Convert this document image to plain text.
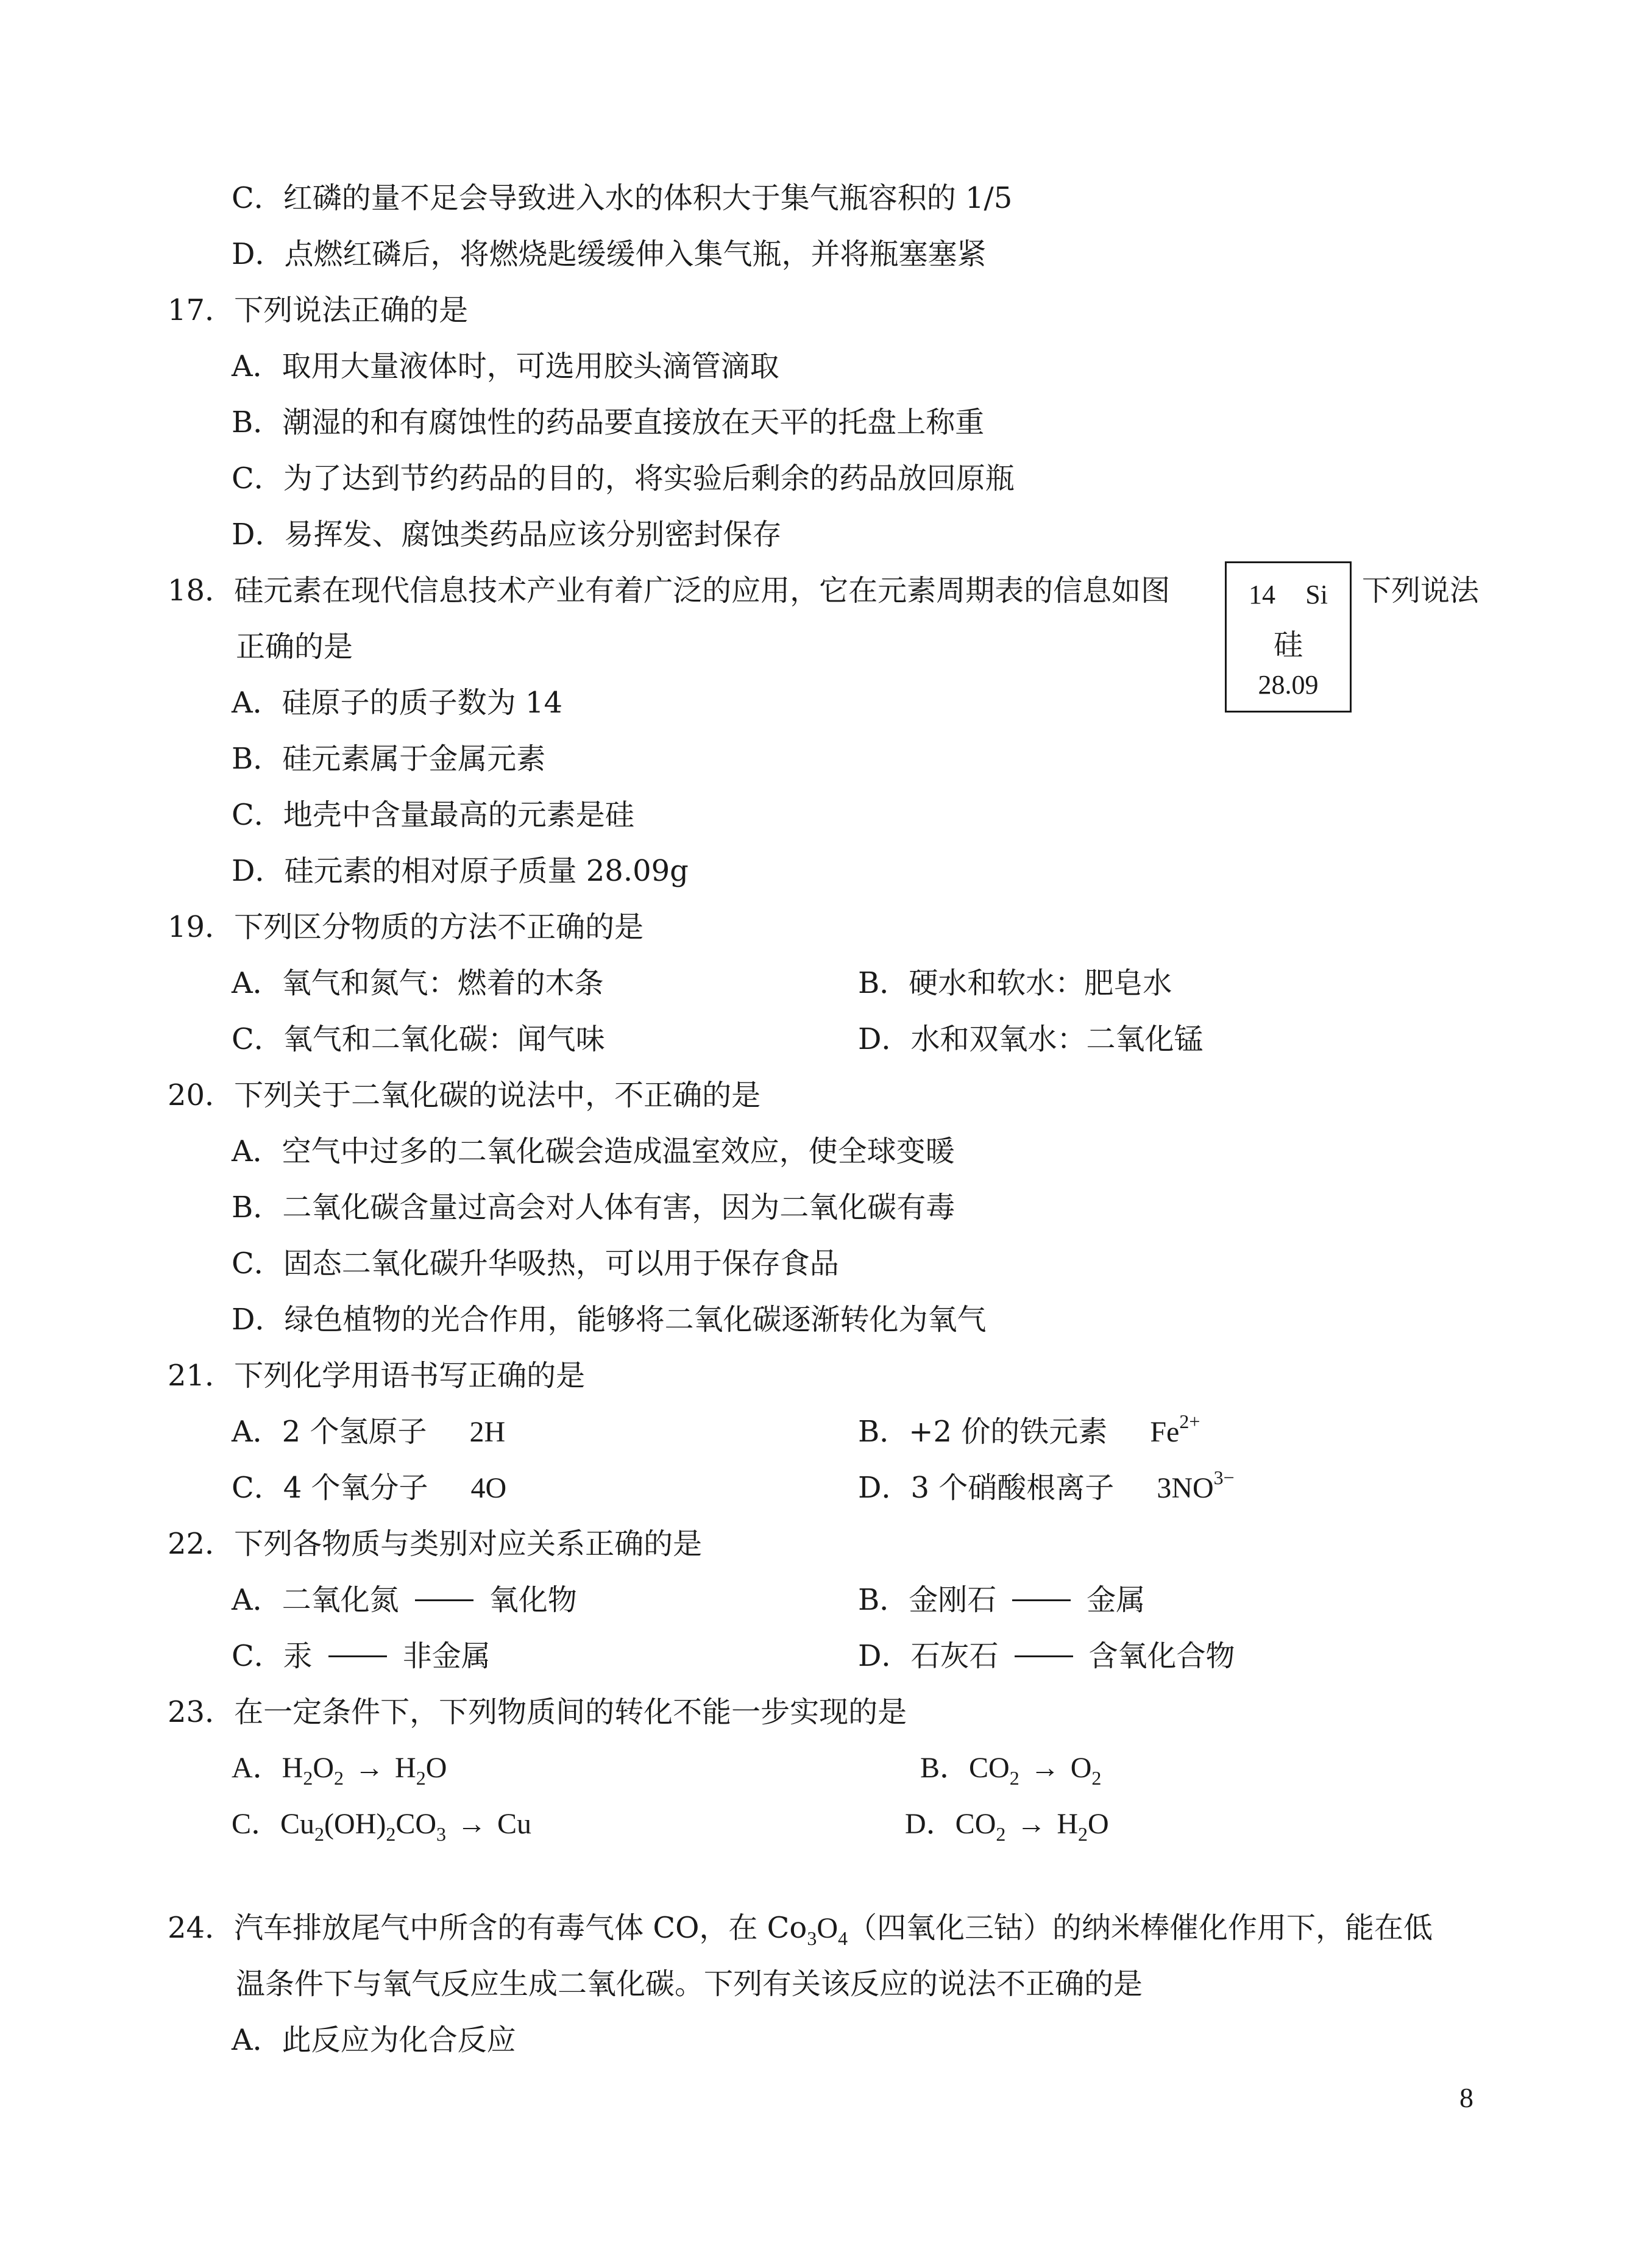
C．红磷的量不足会导致进入水的体积大于集气瓶容积的 1/5
D．点燃红磷后，将燃烧匙缓缓伸入集气瓶，并将瓶塞塞紧
17．下列说法正确的是
A．取用大量液体时，可选用胶头滴管滴取
B．潮湿的和有腐蚀性的药品要直接放在天平的托盘上称重
C．为了达到节约药品的目的，将实验后剩余的药品放回原瓶
D．易挥发、腐蚀类药品应该分别密封保存
18．硅元素在现代信息技术产业有着广泛的应用，它在元素周期表的信息如图	下列说法
正确的是
14 Si
硅
28.09
A．硅原子的质子数为 14
B．硅元素属于金属元素
C．地壳中含量最高的元素是硅
D．硅元素的相对原子质量 28.09g
19．下列区分物质的方法不正确的是
A．氧气和氮气：燃着的木条	B．硬水和软水：肥皂水
C．氧气和二氧化碳：闻气味	D．水和双氧水：二氧化锰
20．下列关于二氧化碳的说法中，不正确的是
A．空气中过多的二氧化碳会造成温室效应，使全球变暖
B．二氧化碳含量过高会对人体有害，因为二氧化碳有毒
C．固态二氧化碳升华吸热，可以用于保存食品
D．绿色植物的光合作用，能够将二氧化碳逐渐转化为氧气
21．下列化学用语书写正确的是
A．2 个氢原子 2H	B．+2 价的铁元素 $Fe^{2+}$
C．4 个氧分子 4O	D．3 个硝酸根离子 $3NO^{3-}$
22．下列各物质与类别对应关系正确的是
A．二氧化氮	氧化物	B．金刚石	金属
C．汞	非金属	D．石灰石	含氧化合物
23．在一定条件下，下列物质间的转化不能一步实现的是
A．$H_2O_2 \to H_2O$	B．$CO_2 \to O_2$
C．$Cu_2(OH)_2CO_3 \to Cu$	D．$CO_2 \to H_2O$
24．汽车排放尾气中所含的有毒气体 CO，在 $Co_3O_4$（四氧化三钴）的纳米棒催化作用下，能在低
温条件下与氧气反应生成二氧化碳。下列有关该反应的说法不正确的是
A．此反应为化合反应
8
